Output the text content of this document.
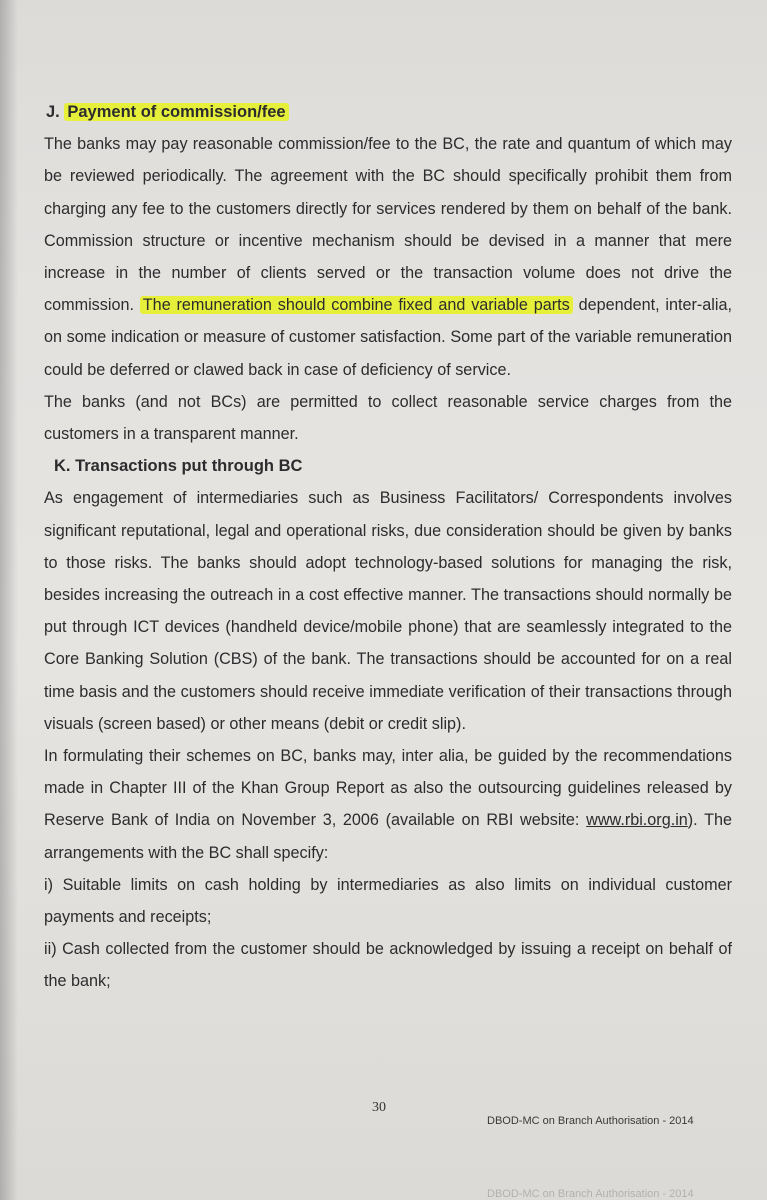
J. Payment of commission/fee

The banks may pay reasonable commission/fee to the BC, the rate and quantum of which may be reviewed periodically. The agreement with the BC should specifically prohibit them from charging any fee to the customers directly for services rendered by them on behalf of the bank. Commission structure or incentive mechanism should be devised in a manner that mere increase in the number of clients served or the transaction volume does not drive the commission. The remuneration should combine fixed and variable parts dependent, inter-alia, on some indication or measure of customer satisfaction. Some part of the variable remuneration could be deferred or clawed back in case of deficiency of service.

The banks (and not BCs) are permitted to collect reasonable service charges from the customers in a transparent manner.

K. Transactions put through BC

As engagement of intermediaries such as Business Facilitators/ Correspondents involves significant reputational, legal and operational risks, due consideration should be given by banks to those risks. The banks should adopt technology-based solutions for managing the risk, besides increasing the outreach in a cost effective manner. The transactions should normally be put through ICT devices (handheld device/mobile phone) that are seamlessly integrated to the Core Banking Solution (CBS) of the bank. The transactions should be accounted for on a real time basis and the customers should receive immediate verification of their transactions through visuals (screen based) or other means (debit or credit slip).

In formulating their schemes on BC, banks may, inter alia, be guided by the recommendations made in Chapter III of the Khan Group Report as also the outsourcing guidelines released by Reserve Bank of India on November 3, 2006 (available on RBI website: www.rbi.org.in). The arrangements with the BC shall specify:

i) Suitable limits on cash holding by intermediaries as also limits on individual customer payments and receipts;

ii) Cash collected from the customer should be acknowledged by issuing a receipt on behalf of the bank;

30
DBOD-MC on Branch Authorisation - 2014
DBOD-MC on Branch Authorisation - 2014
